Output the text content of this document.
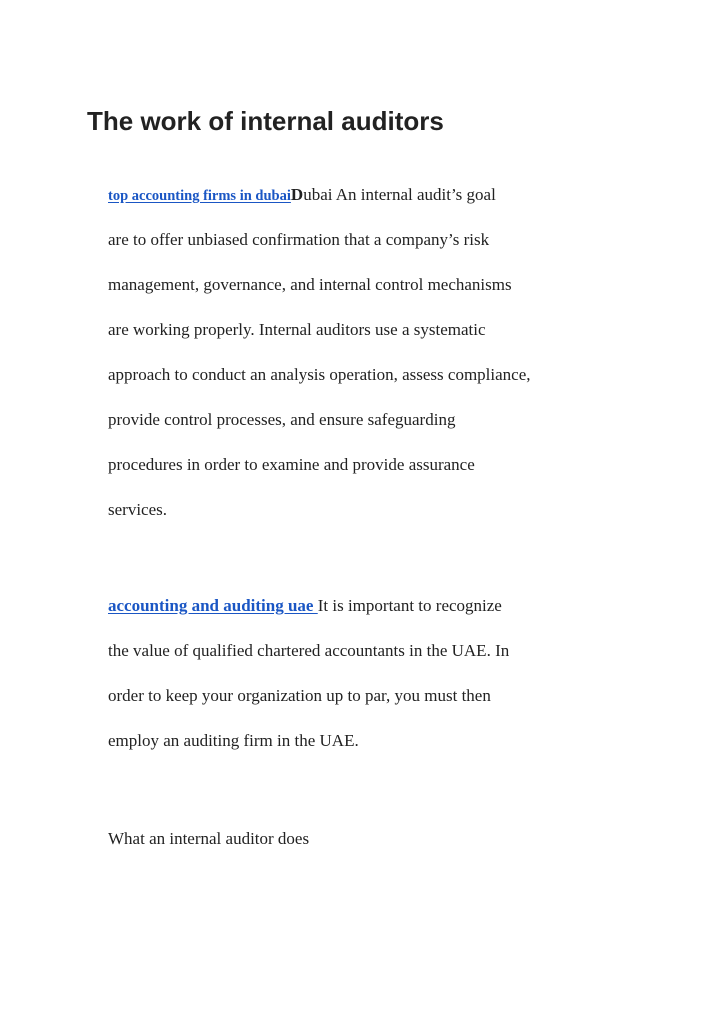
The work of internal auditors
top accounting firms in dubaiDubai An internal audit’s goal
are to offer unbiased confirmation that a company’s risk
management, governance, and internal control mechanisms
are working properly. Internal auditors use a systematic
approach to conduct an analysis operation, assess compliance,
provide control processes, and ensure safeguarding
procedures in order to examine and provide assurance
services.
accounting and auditing uae It is important to recognize
the value of qualified chartered accountants in the UAE. In
order to keep your organization up to par, you must then
employ an auditing firm in the UAE.
What an internal auditor does
